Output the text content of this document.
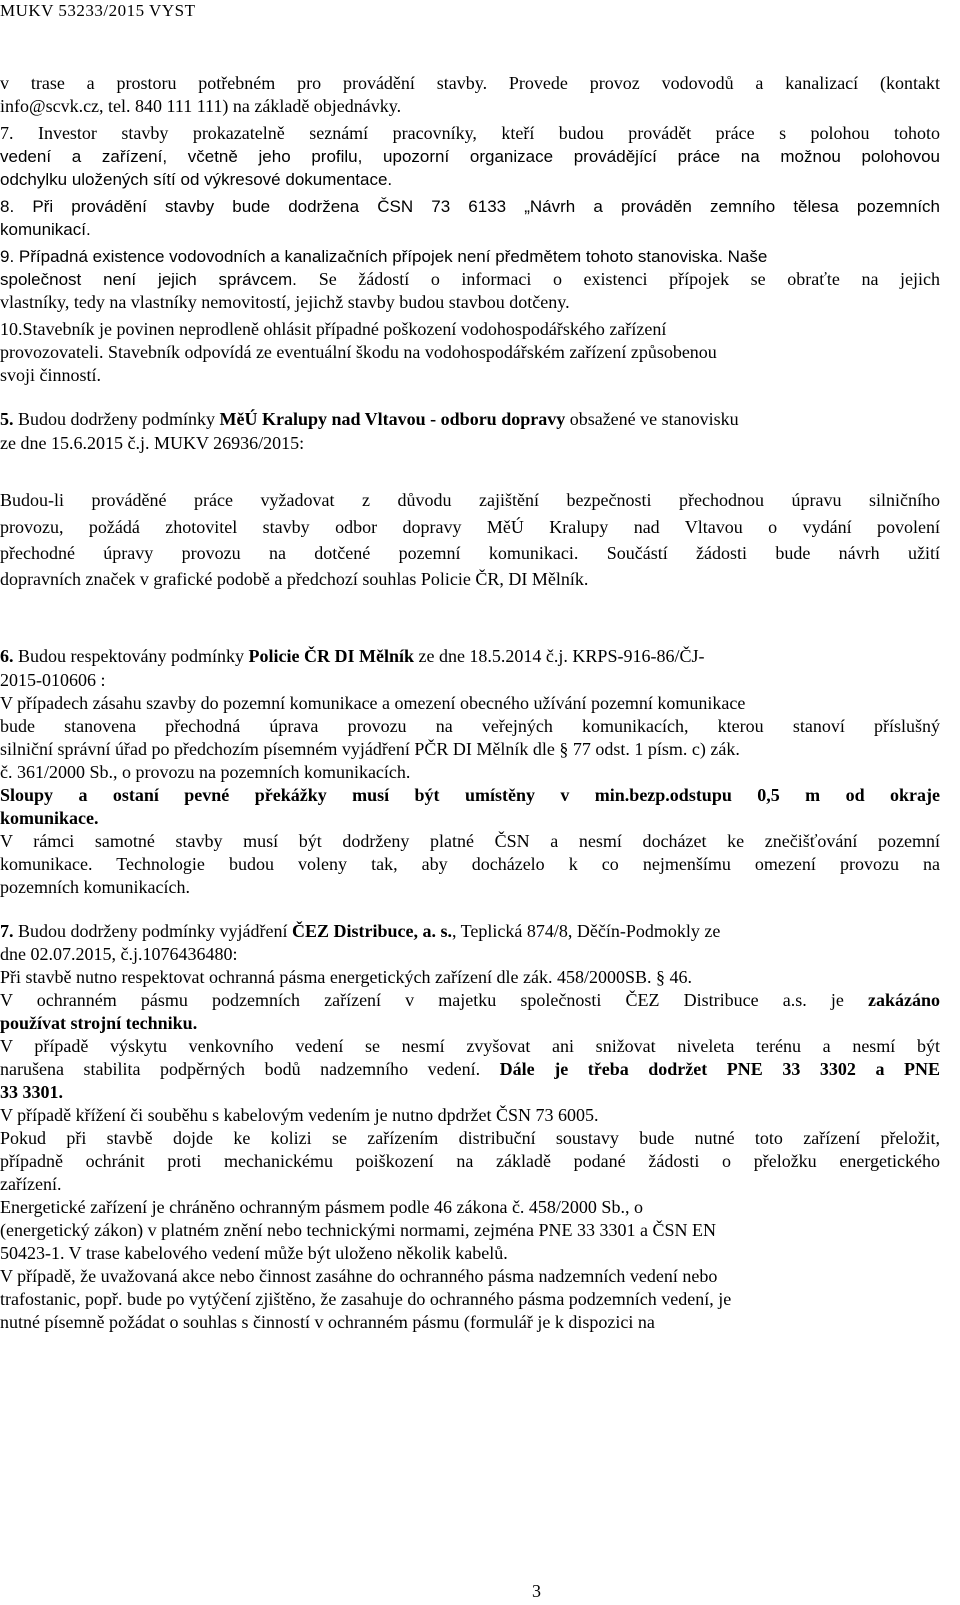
MUKV 53233/2015 VYST
v trase a prostoru potřebném pro provádění stavby. Provede provoz vodovodů a kanalizací (kontakt
info@scvk.cz, tel. 840 111 111) na základě objednávky.
7. Investor stavby prokazatelně seznámí pracovníky, kteří budou provádět práce s polohou tohoto
vedení a zařízení, včetně jeho profilu, upozorní organizace provádějící práce na možnou polohovou
odchylku uložených sítí od výkresové dokumentace.
8. Při provádění stavby bude dodržena ČSN 73 6133 „Návrh a prováděn zemního tělesa pozemních
komunikací.
9. Případná existence vodovodních a kanalizačních přípojek není předmětem tohoto stanoviska. Naše
společnost není jejich správcem. Se žádostí o informaci o existenci přípojek se obraťte na jejich
vlastníky, tedy na vlastníky nemovitostí, jejichž stavby budou stavbou dotčeny.
10.Stavebník je povinen neprodleně ohlásit případné poškození vodohospodářského zařízení
provozovateli. Stavebník odpovídá ze eventuální škodu na vodohospodářském zařízení způsobenou
svoji činností.
5. Budou dodrženy podmínky MěÚ Kralupy nad Vltavou - odboru dopravy obsažené ve stanovisku
ze dne 15.6.2015 č.j. MUKV 26936/2015:
Budou-li prováděné práce vyžadovat z důvodu zajištění bezpečnosti přechodnou úpravu silničního
provozu, požádá zhotovitel stavby odbor dopravy MěÚ Kralupy nad Vltavou o vydání povolení
přechodné úpravy provozu na dotčené pozemní komunikaci. Součástí žádosti bude návrh užití
dopravních značek v grafické podobě a předchozí souhlas Policie ČR, DI Mělník.
6. Budou respektovány podmínky Policie ČR DI Mělník ze dne 18.5.2014 č.j. KRPS-916-86/ČJ-
2015-010606 :
V případech zásahu szavby do pozemní komunikace a omezení obecného užívání pozemní komunikace
bude stanovena přechodná úprava provozu na veřejných komunikacích, kterou stanoví příslušný
silniční správní úřad po předchozím písemném vyjádření PČR DI Mělník dle § 77 odst. 1 písm. c) zák.
č. 361/2000 Sb., o provozu na pozemních komunikacích.
Sloupy a ostaní pevné překážky musí být umístěny v min.bezp.odstupu 0,5 m od okraje
komunikace.
V rámci samotné stavby musí být dodrženy platné ČSN a nesmí docházet ke znečišťování pozemní
komunikace. Technologie budou voleny tak, aby docházelo k co nejmenšímu omezení provozu na
pozemních komunikacích.
7. Budou dodrženy podmínky vyjádření ČEZ Distribuce, a. s., Teplická 874/8, Děčín-Podmokly ze
dne 02.07.2015, č.j.1076436480:
Při stavbě nutno respektovat ochranná pásma energetických zařízení dle zák. 458/2000SB. § 46.
V ochranném pásmu podzemních zařízení v majetku společnosti ČEZ Distribuce a.s. je zakázáno
používat strojní techniku.
V případě výskytu venkovního vedení se nesmí zvyšovat ani snižovat niveleta terénu a nesmí být
narušena stabilita podpěrných bodů nadzemního vedení. Dále je třeba dodržet PNE 33 3302 a PNE
33 3301.
V případě křížení či souběhu s kabelovým vedením je nutno dpdržet ČSN 73 6005.
Pokud při stavbě dojde ke kolizi se zařízením distribuční soustavy bude nutné toto zařízení přeložit,
případně ochránit proti mechanickému poiškození na základě podané žádosti o přeložku energetického
zařízení.
Energetické zařízení je chráněno ochranným pásmem podle 46 zákona č. 458/2000 Sb., o
(energetický zákon) v platném znění nebo technickými normami, zejména PNE 33 3301 a ČSN EN
50423-1. V trase kabelového vedení může být uloženo několik kabelů.
V případě, že uvažovaná akce nebo činnost zasáhne do ochranného pásma nadzemních vedení nebo
trafostanic, popř. bude po vytýčení zjištěno, že zasahuje do ochranného pásma podzemních vedení, je
nutné písemně požádat o souhlas s činností v ochranném pásmu (formulář je k dispozici na
3
